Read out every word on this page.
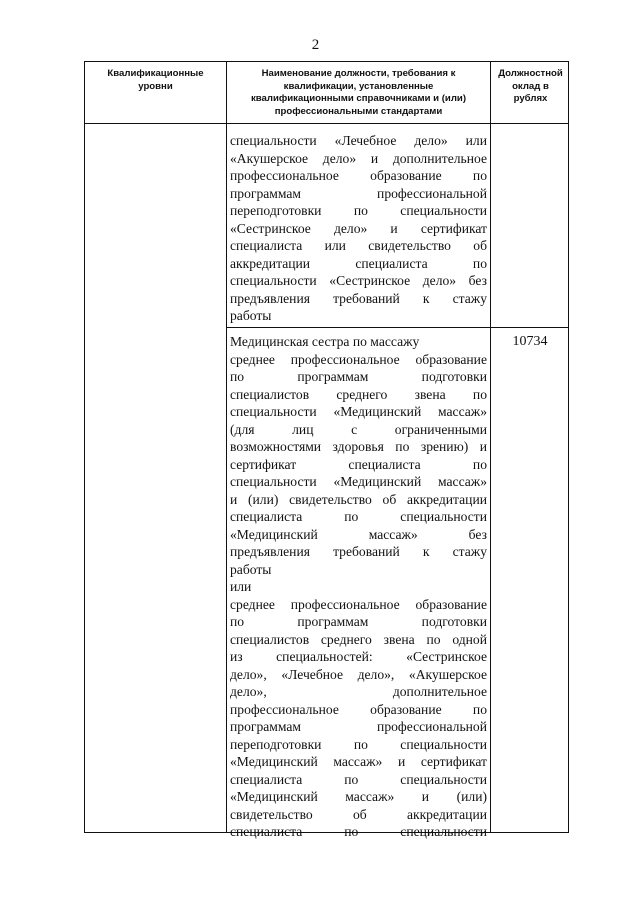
2
Квалификационные
уровни
Наименование должности, требования к
квалификации, установленные
квалификационными справочниками и (или)
профессиональными стандартами
Должностной
оклад в рублях
специальности «Лечебное дело» или
«Акушерское дело» и дополнительное
профессиональное образование по
программам профессиональной
переподготовки по специальности
«Сестринское дело» и сертификат
специалиста или свидетельство об
аккредитации специалиста по
специальности «Сестринское дело» без
предъявления требований к стажу
работы
Медицинская сестра по массажу
среднее профессиональное образование
по программам подготовки
специалистов среднего звена по
специальности «Медицинский массаж»
(для лиц с ограниченными
возможностями здоровья по зрению) и
сертификат специалиста по
специальности «Медицинский массаж»
и (или) свидетельство об аккредитации
специалиста по специальности
«Медицинский массаж» без
предъявления требований к стажу
работы
или
среднее профессиональное образование
по программам подготовки
специалистов среднего звена по одной
из специальностей: «Сестринское
дело», «Лечебное дело», «Акушерское
дело», дополнительное
профессиональное образование по
программам профессиональной
переподготовки по специальности
«Медицинский массаж» и сертификат
специалиста по специальности
«Медицинский массаж» и (или)
свидетельство об аккредитации
специалиста по специальности
10734
